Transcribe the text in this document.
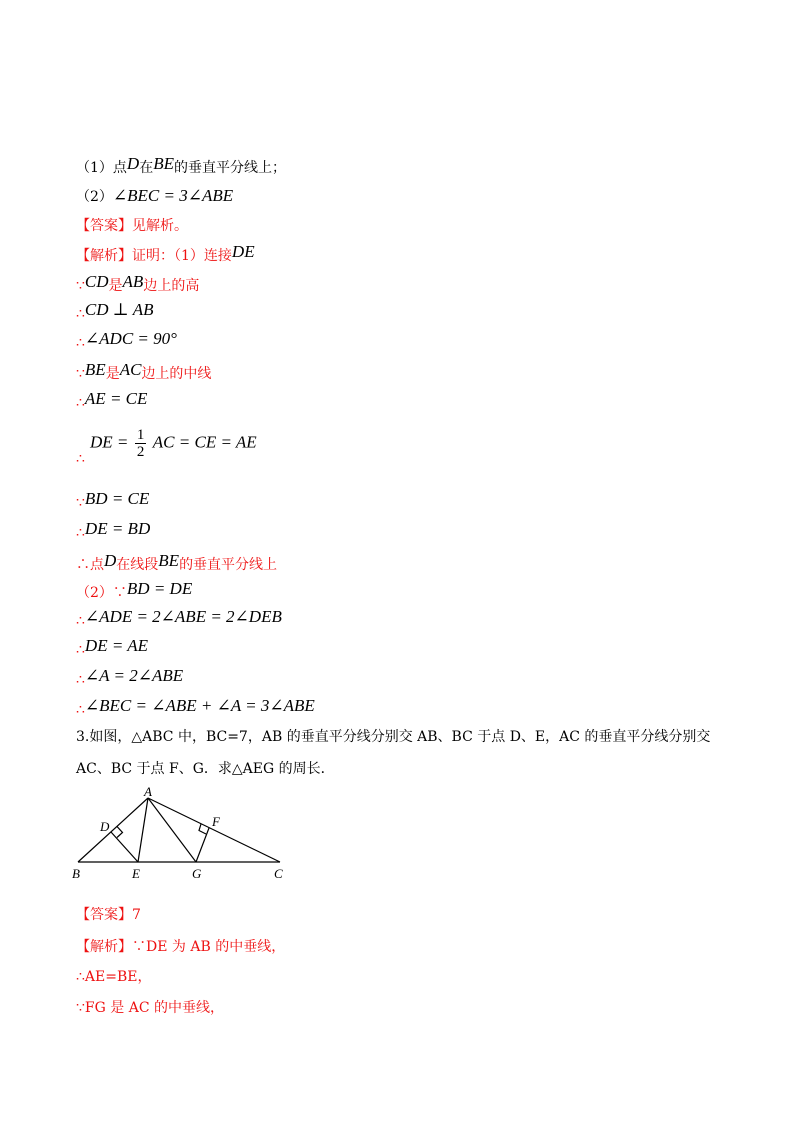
（1）点D在BE的垂直平分线上；
（2）∠BEC = 3∠ABE
【答案】见解析。
【解析】证明：（1）连接DE
∵CD是AB边上的高
∴CD ⊥ AB
∴∠ADC = 90°
∵BE是AC边上的中线
∴AE = CE
∴
DE = $\frac{1}{2}$ AC = CE = AE
∵BD = CE
∴DE = BD
∴点D在线段BE的垂直平分线上
（2）∵BD = DE
∴∠ADE = 2∠ABE = 2∠DEB
∴DE = AE
∴∠A = 2∠ABE
∴∠BEC = ∠ABE + ∠A = 3∠ABE
3.如图，△ABC 中，BC=7，AB 的垂直平分线分别交 AB、BC 于点 D、E，AC 的垂直平分线分别交 AC、BC 于点 F、G．求△AEG 的周长．
A
B	C
D
E
F
G
【答案】7
【解析】∵DE 为 AB 的中垂线，
∴AE=BE，
∵FG 是 AC 的中垂线，
